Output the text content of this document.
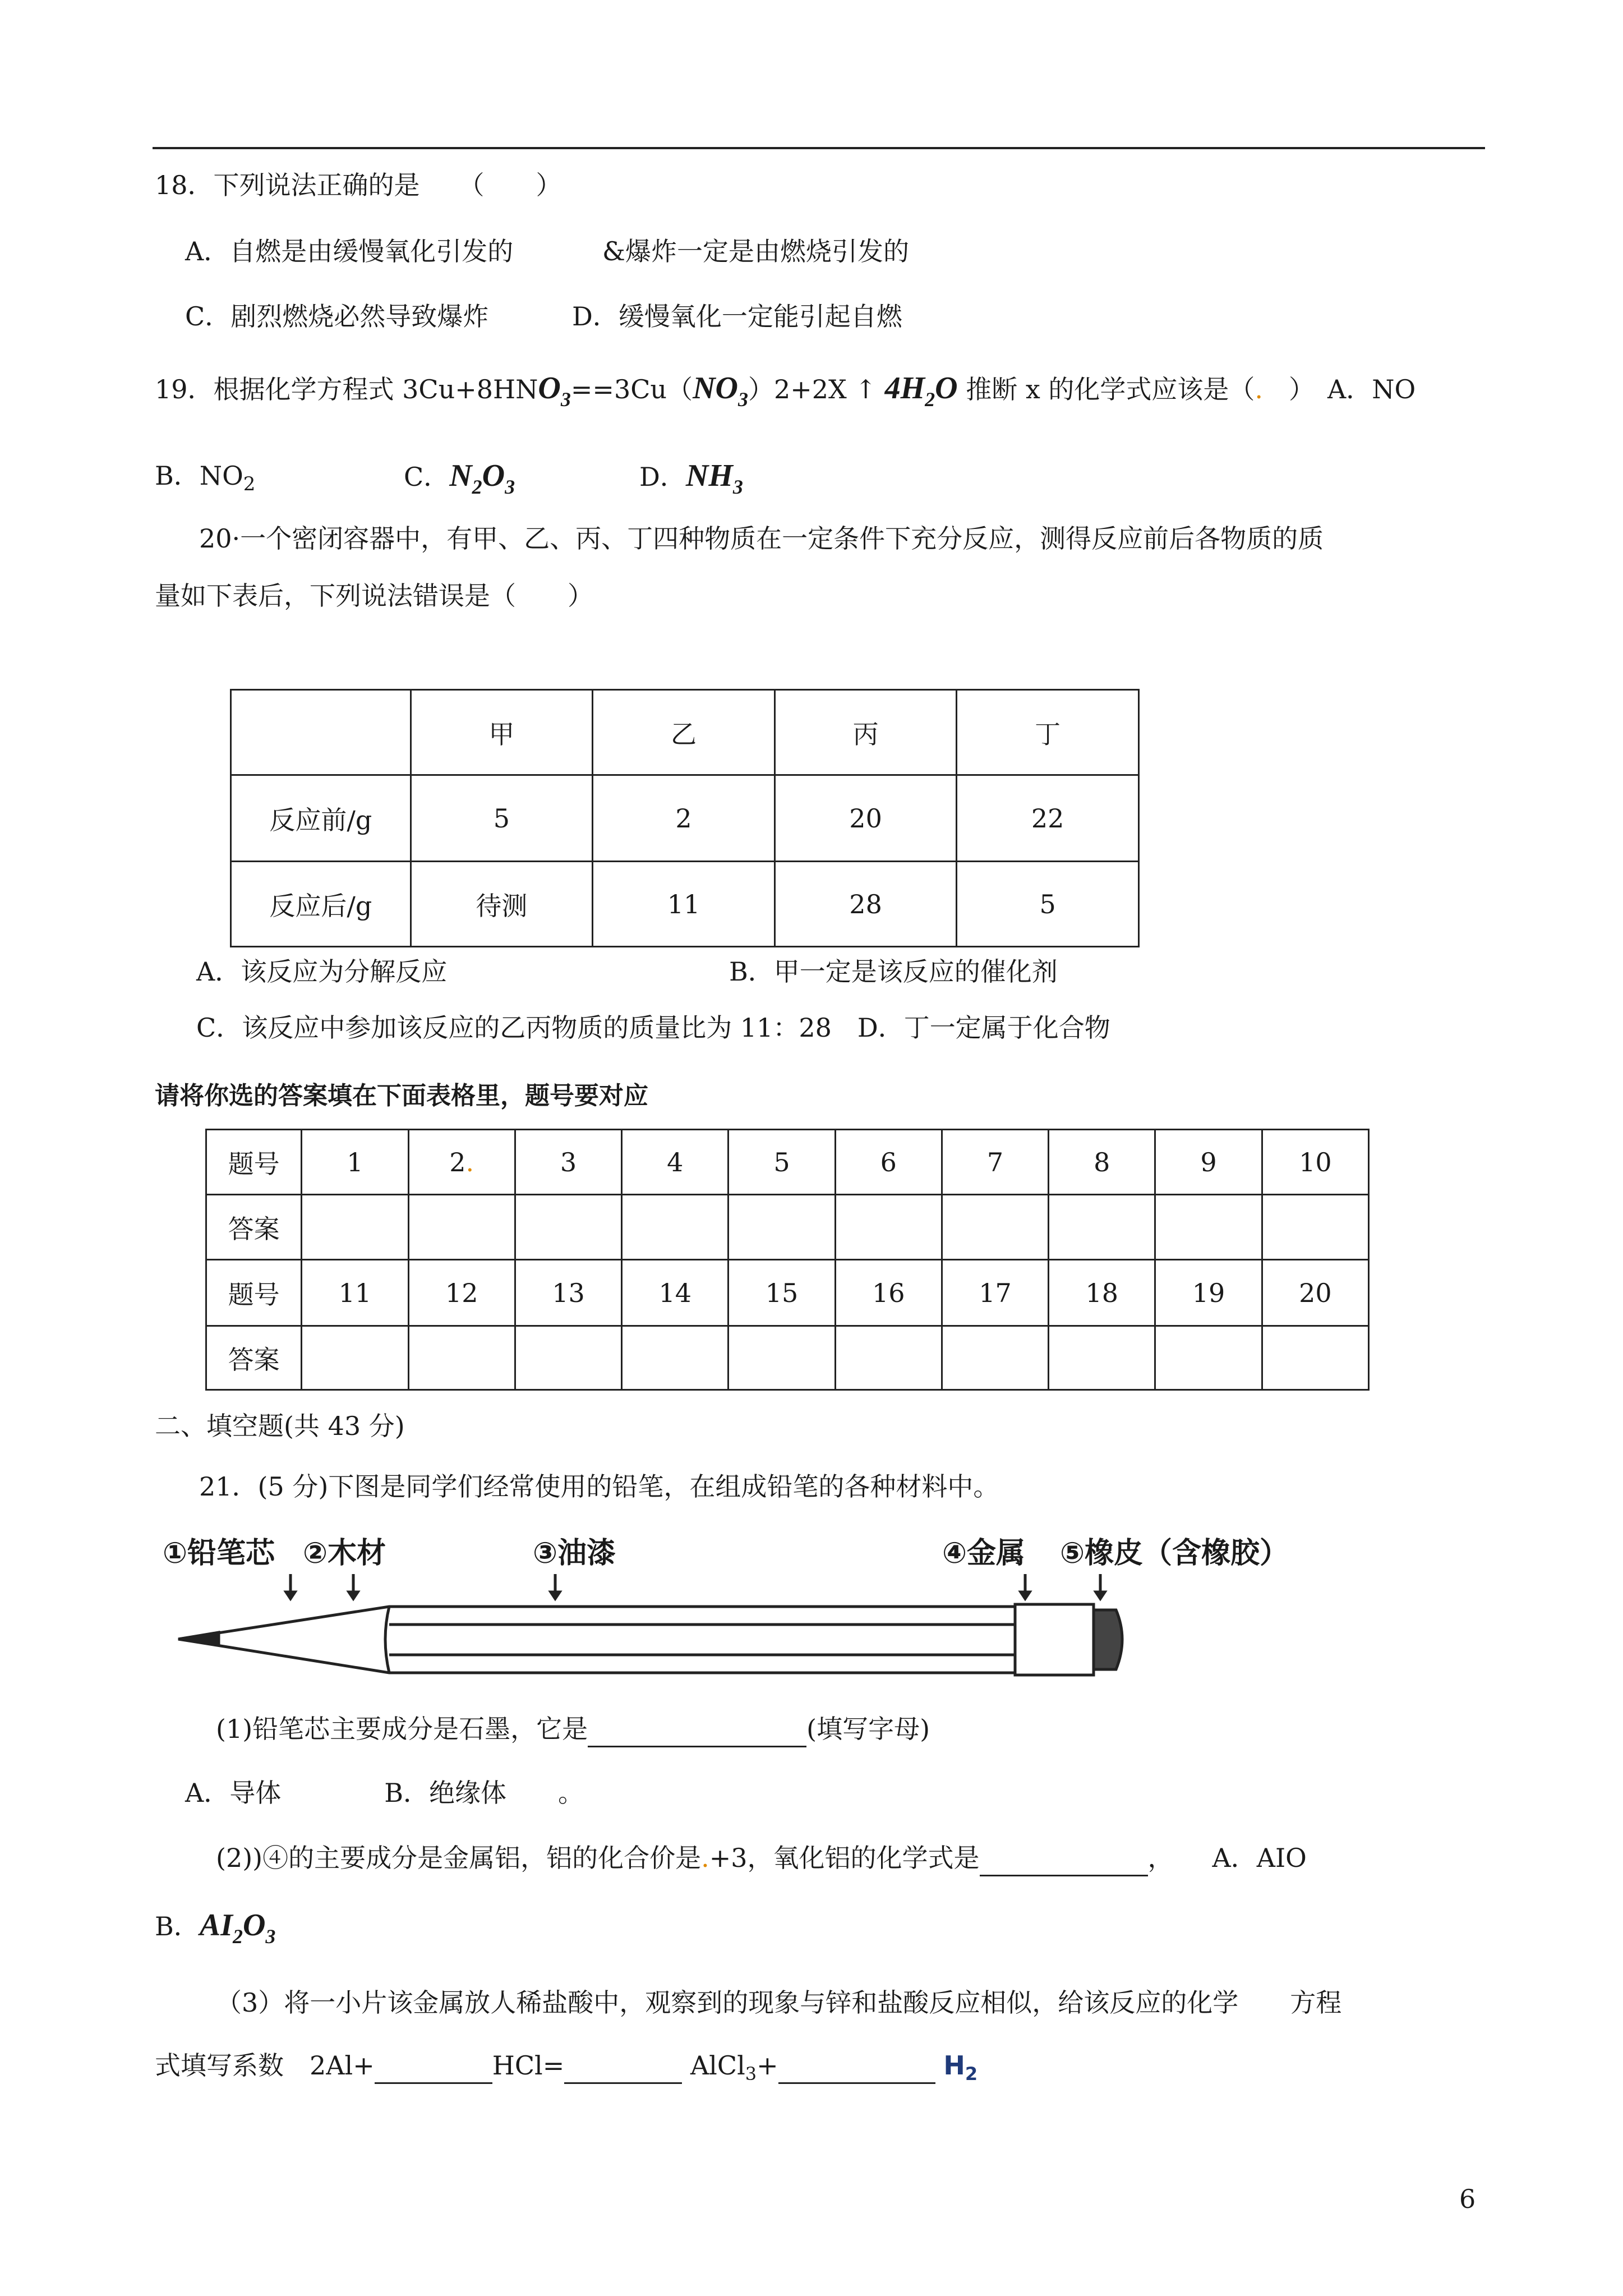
18．下列说法正确的是　　（　　）
A．自燃是由缓慢氧化引发的	&爆炸一定是由燃烧引发的
C．剧烈燃烧必然导致爆炸	D．缓慢氧化一定能引起自燃
19．根据化学方程式 $3Cu+8HNO_3==3Cu(NO_3)2+2X$ ↑ $4H_2O$ 推断 x 的化学式应该是（.　）　A．NO
B．$NO_2$	C．$N_2O_3$	D．$NH_3$
20·一个密闭容器中，有甲、乙、丙、丁四种物质在一定条件下充分反应，测得反应前后各物质的质
量如下表后，下列说法错误是（　　）
	甲	乙	丙	丁
反应前/g	5	2	20	22
反应后/g	待测	11	28	5
A．该反应为分解反应	B．甲一定是该反应的催化剂
C．该反应中参加该反应的乙丙物质的质量比为 11：28　D．丁一定属于化合物
请将你选的答案填在下面表格里，题号要对应
题号	1	2.	3	4	5	6	7	8	9	10
答案										
题号	11	12	13	14	15	16	17	18	19	20
答案										
二、填空题(共 43 分)
21．(5 分)下图是同学们经常使用的铅笔，在组成铅笔的各种材料中。
①铅笔芯 ②木材	③油漆	④金属 ⑤橡皮（含橡胶）
(1)铅笔芯主要成分是石墨，它是	(填写字母)
A．导体　　　　B．绝缘体　　。
(2))④的主要成分是金属铝，铝的化合价是.+3，氧化铝的化学式是	，　　A．AIO
B．$AI_2O_3$
（3）将一小片该金属放人稀盐酸中，观察到的现象与锌和盐酸反应相似，给该反应的化学　　方程
式填写系数　2Al+	HCl=	AlCl$_3$+	$H_2$
6
